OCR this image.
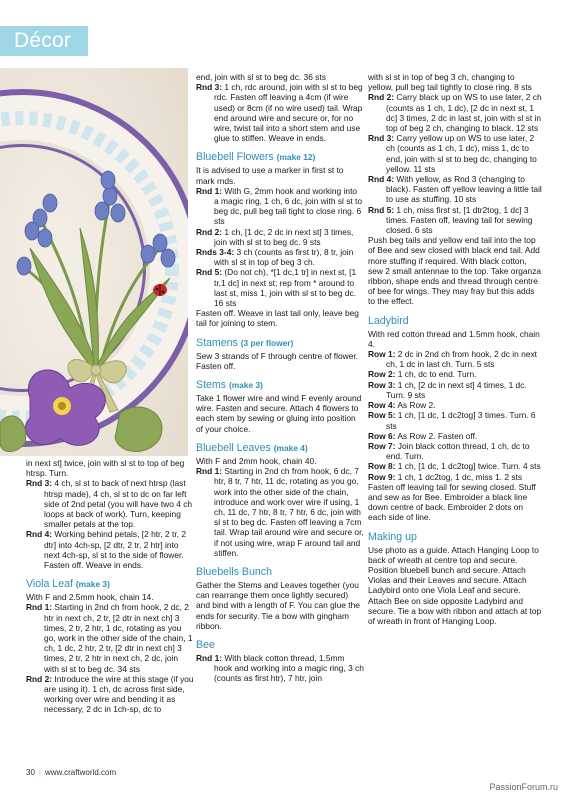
Décor

in next st] twice, join with sl st to top of beg htrsp. Turn.

Rnd 3: 4 ch, sl st to back of next htrsp (last htrsp made), 4 ch, sl st to dc on far left side of 2nd petal (you will have two 4 ch loops at back of work). Turn, keeping smaller petals at the top.

Rnd 4: Working behind petals, [2 htr, 2 tr, 2 dtr] into 4ch-sp, [2 dtr, 2 tr, 2 htr] into next 4ch-sp, sl st to the side of flower. Fasten off. Weave in ends.

Viola Leaf (make 3)

With F and 2.5mm hook, chain 14.

Rnd 1: Starting in 2nd ch from hook, 2 dc, 2 htr in next ch, 2 tr, [2 dtr in next ch] 3 times, 2 tr, 2 htr, 1 dc, rotating as you go, work in the other side of the chain, 1 ch, 1 dc, 2 htr, 2 tr, [2 dtr in next ch] 3 times, 2 tr, 2 htr in next ch, 2 dc, join with sl st to beg dc. 34 sts

Rnd 2: Introduce the wire at this stage (if you are using it). 1 ch, dc across first side, working over wire and bending it as necessary, 2 dc in 1ch-sp, dc to

end, join with sl st to beg dc. 36 sts

Rnd 3: 1 ch, rdc around, join with sl st to beg rdc. Fasten off leaving a 4cm (if wire used) or 8cm (if no wire used) tail. Wrap end around wire and secure or, for no wire, twist tail into a short stem and use glue to stiffen. Weave in ends.

Bluebell Flowers (make 12)

It is advised to use a marker in first st to mark rnds.

Rnd 1: With G, 2mm hook and working into a magic ring, 1 ch, 6 dc, join with sl st to beg dc, pull beg tail tight to close ring. 6 sts

Rnd 2: 1 ch, [1 dc, 2 dc in next st] 3 times, join with sl st to beg dc. 9 sts

Rnds 3-4: 3 ch (counts as first tr), 8 tr, join with sl st in top of beg 3 ch.

Rnd 5: (Do not ch), *[1 dc,1 tr] in next st, [1 tr,1 dc] in next st; rep from * around to last st, miss 1, join with sl st to beg dc. 16 sts

Fasten off. Weave in last tail only, leave beg tail for joining to stem.

Stamens (3 per flower)

Sew 3 strands of F through centre of flower. Fasten off.

Stems (make 3)

Take 1 flower wire and wind F evenly around wire. Fasten and secure. Attach 4 flowers to each stem by sewing or gluing into position of your choice.

Bluebell Leaves (make 4)

With F and 2mm hook, chain 40.

Rnd 1: Starting in 2nd ch from hook, 6 dc, 7 htr, 8 tr, 7 htr, 11 dc, rotating as you go, work into the other side of the chain, introduce and work over wire if using, 1 ch, 11 dc, 7 htr, 8 tr, 7 htr, 6 dc, join with sl st to beg dc. Fasten off leaving a 7cm tail. Wrap tail around wire and secure or, if not using wire, wrap F around tail and stiffen.

Bluebells Bunch

Gather the Stems and Leaves together (you can rearrange them once lightly secured) and bind with a length of F. You can glue the ends for security. Tie a bow with gingham ribbon.

Bee

Rnd 1: With black cotton thread, 1.5mm hook and working into a magic ring, 3 ch (counts as first htr), 7 htr, join

with sl st in top of beg 3 ch, changing to yellow, pull beg tail tightly to close ring. 8 sts

Rnd 2: Carry black up on WS to use later, 2 ch (counts as 1 ch, 1 dc), [2 dc in next st, 1 dc] 3 times, 2 dc in last st, join with sl st in top of beg 2 ch, changing to black. 12 sts

Rnd 3: Carry yellow up on WS to use later, 2 ch (counts as 1 ch, 1 dc), miss 1, dc to end, join with sl st to beg dc, changing to yellow. 11 sts

Rnd 4: With yellow, as Rnd 3 (changing to black). Fasten off yellow leaving a little tail to use as stuffing. 10 sts

Rnd 5: 1 ch, miss first st, [1 dtr2tog, 1 dc] 3 times. Fasten off, leaving tail for sewing closed. 6 sts

Push beg tails and yellow end tail into the top of Bee and sew closed with black end tail. Add more stuffing if required. With black cotton, sew 2 small antennae to the top. Take organza ribbon, shape ends and thread through centre of bee for wings. They may fray but this adds to the effect.

Ladybird

With red cotton thread and 1.5mm hook, chain 4.

Row 1: 2 dc in 2nd ch from hook, 2 dc in next ch, 1 dc in last ch. Turn. 5 sts

Row 2: 1 ch, dc to end. Turn.

Row 3: 1 ch, [2 dc in next st] 4 times, 1 dc. Turn. 9 sts

Row 4: As Row 2.

Row 5: 1 ch, [1 dc, 1 dc2tog] 3 times. Turn. 6 sts

Row 6: As Row 2. Fasten off.

Row 7: Join black cotton thread, 1 ch, dc to end. Turn.

Row 8: 1 ch, [1 dc, 1 dc2tog] twice. Turn. 4 sts

Row 9: 1 ch, 1 dc2tog, 1 dc, miss 1. 2 sts

Fasten off leaving tail for sewing closed. Stuff and sew as for Bee. Embroider a black line down centre of back. Embroider 2 dots on each side of line.

Making up

Use photo as a guide. Attach Hanging Loop to back of wreath at centre top and secure. Position bluebell bunch and secure. Attach Violas and their Leaves and secure. Attach Ladybird onto one Viola Leaf and secure. Attach Bee on side opposite Ladybird and secure. Tie a bow with ribbon and attach at top of wreath in front of Hanging Loop.

30 | www.craftworld.com
PassionForum.ru
